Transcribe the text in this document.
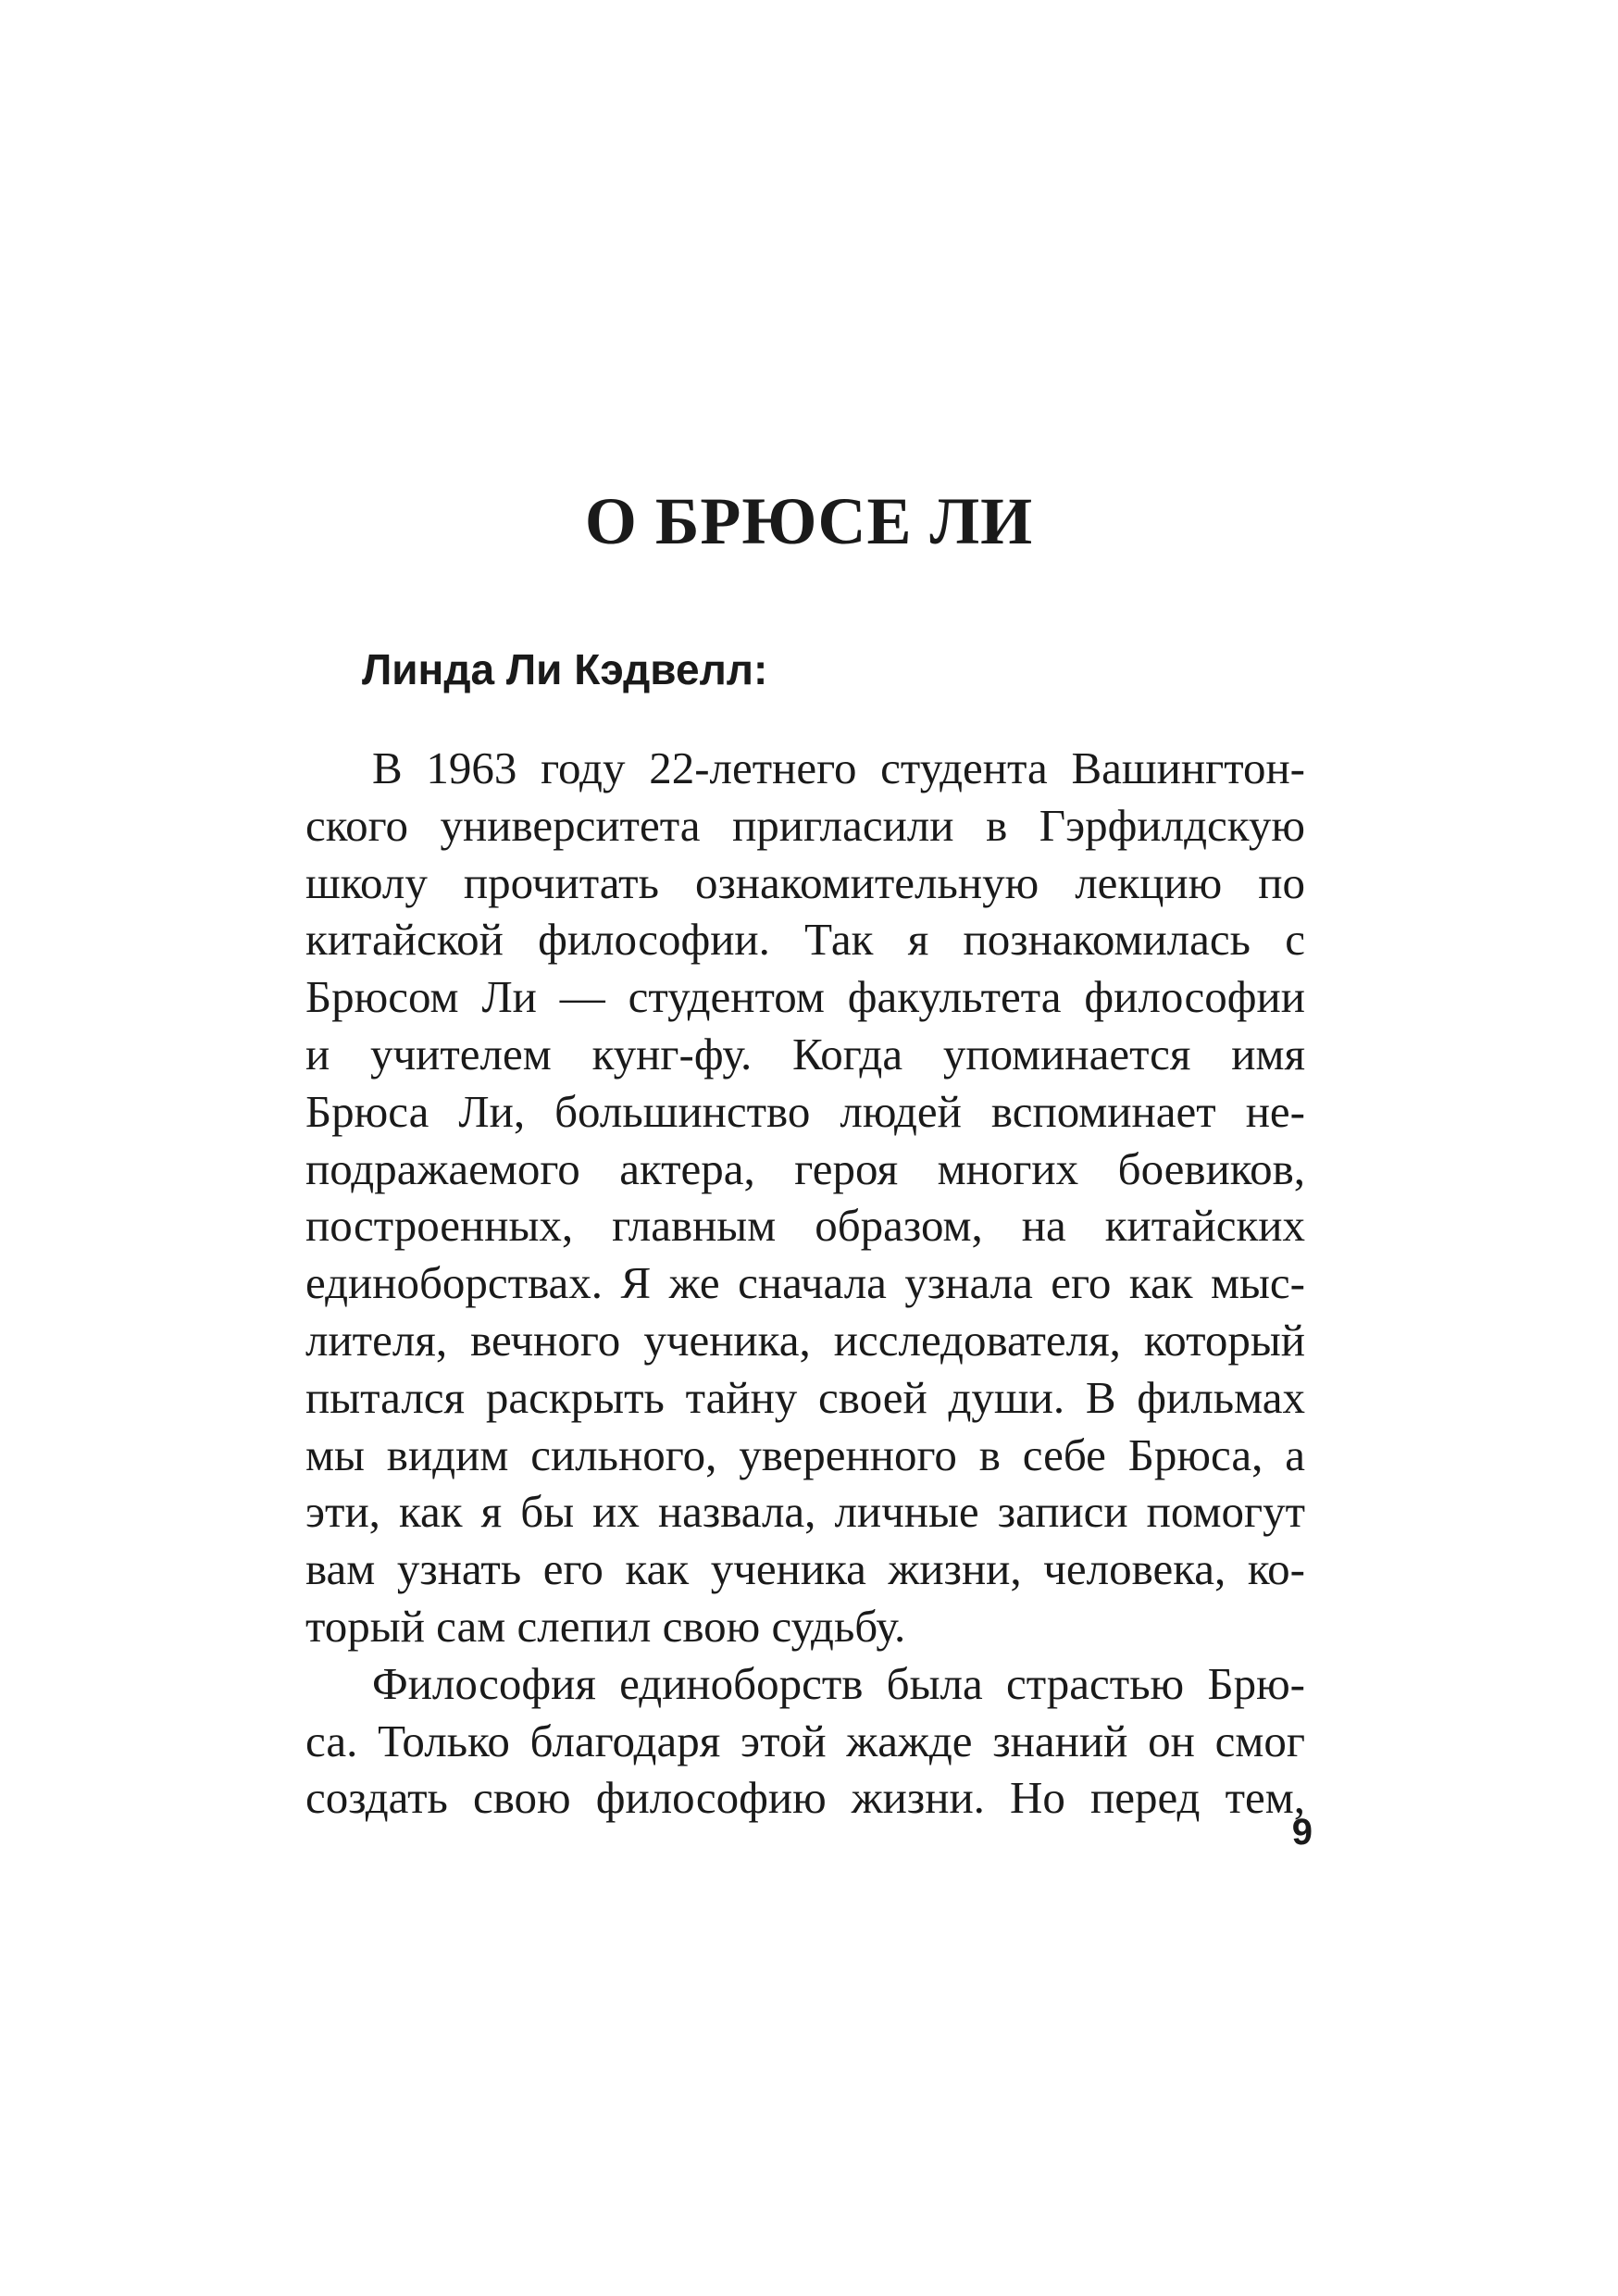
О БРЮСЕ ЛИ
Линда Ли Кэдвелл:
В 1963 году 22-летнего студента Вашингтон-
ского университета пригласили в Гэрфилдскую
школу прочитать ознакомительную лекцию по
китайской философии. Так я познакомилась с
Брюсом Ли — студентом факультета философии
и учителем кунг-фу. Когда упоминается имя
Брюса Ли, большинство людей вспоминает не-
подражаемого актера, героя многих боевиков,
построенных, главным образом, на китайских
единоборствах. Я же сначала узнала его как мыс-
лителя, вечного ученика, исследователя, который
пытался раскрыть тайну своей души. В фильмах
мы видим сильного, уверенного в себе Брюса, а
эти, как я бы их назвала, личные записи помогут
вам узнать его как ученика жизни, человека, ко-
торый сам слепил свою судьбу.
Философия единоборств была страстью Брю-
са. Только благодаря этой жажде знаний он смог
создать свою философию жизни. Но перед тем,
9
